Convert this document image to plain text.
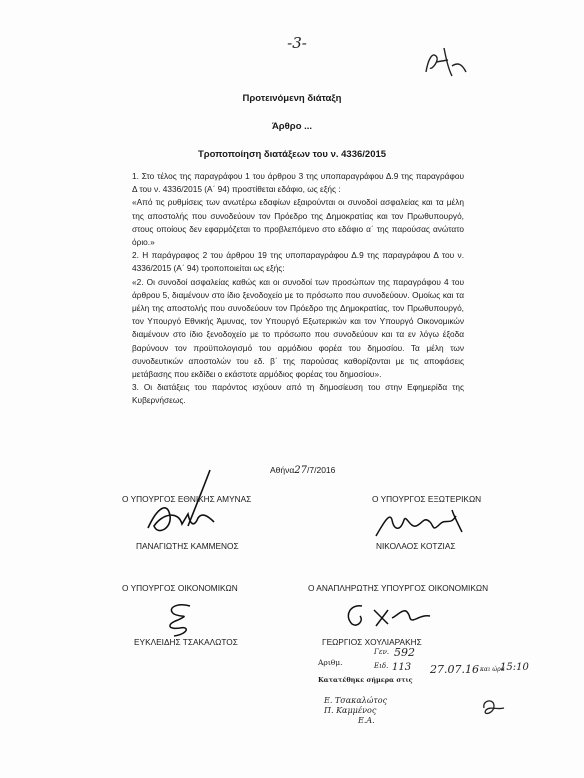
-3-
Προτεινόμενη διάταξη
Άρθρο ...
Τροποποίηση διατάξεων του ν. 4336/2015

1. Στο τέλος της παραγράφου 1 του άρθρου 3 της υποπαραγράφου Δ.9 της παραγράφου Δ του ν. 4336/2015 (Α΄ 94) προστίθεται εδάφιο, ως εξής :

«Από τις ρυθμίσεις των ανωτέρω εδαφίων εξαιρούνται οι συνοδοί ασφαλείας και τα μέλη της αποστολής που συνοδεύουν τον Πρόεδρο της Δημοκρατίας και τον Πρωθυπουργό, στους οποίους δεν εφαρμόζεται το προβλεπόμενο στο εδάφιο α΄ της παρούσας ανώτατο όριο.»

2. Η παράγραφος 2 του άρθρου 19 της υποπαραγράφου Δ.9 της παραγράφου Δ του ν. 4336/2015 (Α΄ 94) τροποποιείται ως εξής:

«2. Οι συνοδοί ασφαλείας καθώς και οι συνοδοί των προσώπων της παραγράφου 4 του άρθρου 5, διαμένουν στο ίδιο ξενοδοχείο με το πρόσωπο που συνοδεύουν. Ομοίως και τα μέλη της αποστολής που συνοδεύουν τον Πρόεδρο της Δημοκρατίας, τον Πρωθυπουργό, τον Υπουργό Εθνικής Άμυνας, τον Υπουργό Εξωτερικών και τον Υπουργό Οικονομικών διαμένουν στο ίδιο ξενοδοχείο με το πρόσωπο που συνοδεύουν και τα εν λόγω έξοδα βαρύνουν τον προϋπολογισμό του αρμόδιου φορέα του δημοσίου. Τα μέλη των συνοδευτικών αποστολών του εδ. β΄ της παρούσας καθορίζονται με τις αποφάσεις μετάβασης που εκδίδει ο εκάστοτε αρμόδιος φορέας του δημοσίου».

3. Οι διατάξεις του παρόντος ισχύουν από τη δημοσίευση του στην Εφημερίδα της Κυβερνήσεως.

Αθήνα27/7/2016
Ο ΥΠΟΥΡΓΟΣ ΕΘΝΙΚΗΣ ΑΜΥΝΑΣ
ΠΑΝΑΓΙΩΤΗΣ ΚΑΜΜΕΝΟΣ
Ο ΥΠΟΥΡΓΟΣ ΕΞΩΤΕΡΙΚΩΝ
ΝΙΚΟΛΑΟΣ ΚΟΤΖΙΑΣ
Ο ΥΠΟΥΡΓΟΣ ΟΙΚΟΝΟΜΙΚΩΝ
ΕΥΚΛΕΙΔΗΣ ΤΣΑΚΑΛΩΤΟΣ
Ο ΑΝΑΠΛΗΡΩΤΗΣ ΥΠΟΥΡΓΟΣ ΟΙΚΟΝΟΜΙΚΩΝ
ΓΕΩΡΓΙΟΣ ΧΟΥΛΙΑΡΑΚΗΣ
Γεν. 592
Αριθμ.	Ειδ. 113 27.07.16 και ώρα
15:10
Κατατέθηκε σήμερα στις
Ε. Τσακαλώτος
Π. Καμμένος
Ε.Α.
